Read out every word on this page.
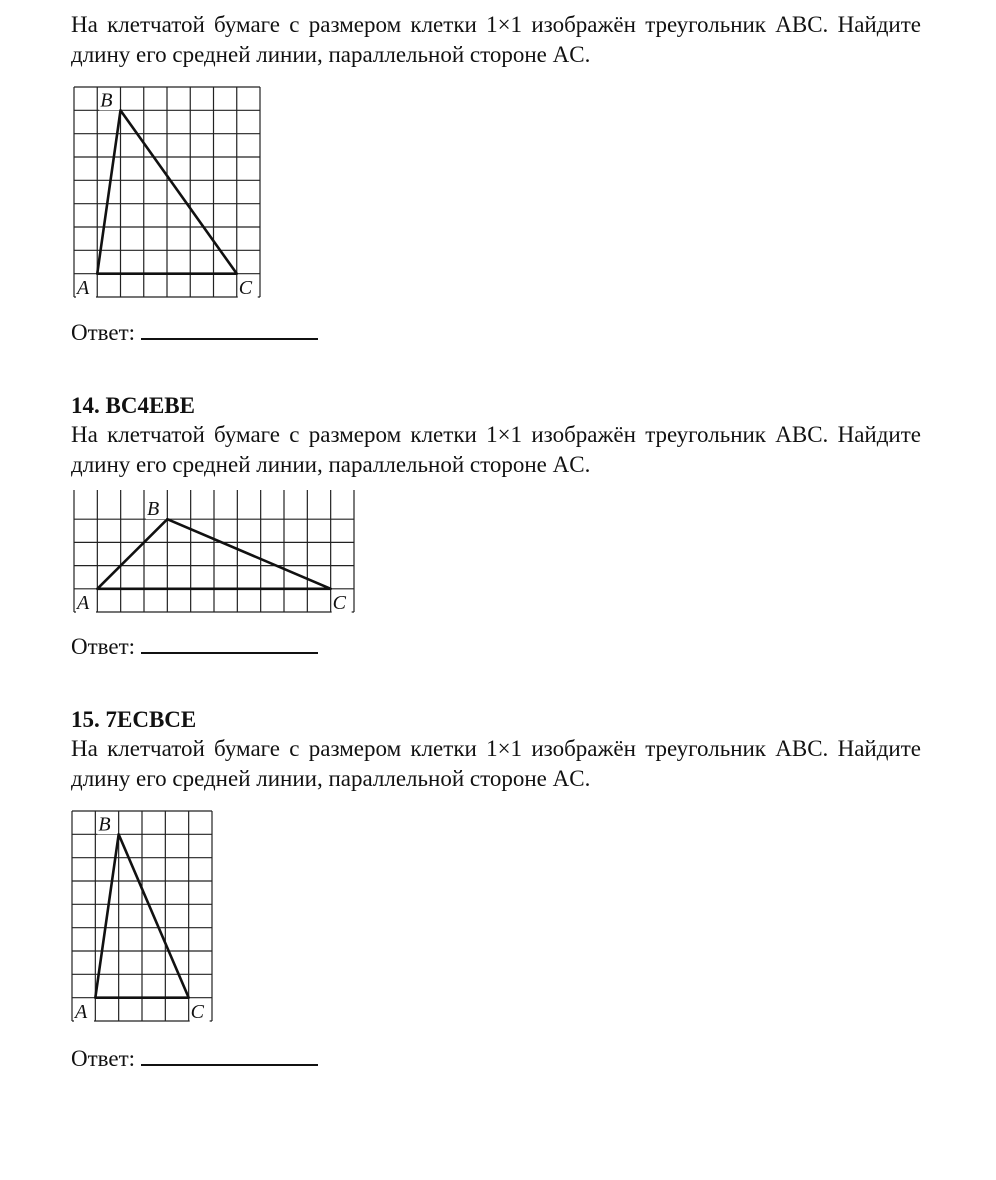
На клетчатой бумаге с размером клетки 1×1 изображён треугольник ABC. Найдите длину его средней линии, параллельной стороне AC.
A
B
C
Ответ:
14. BC4EBE
На клетчатой бумаге с размером клетки 1×1 изображён треугольник ABC. Найдите длину его средней линии, параллельной стороне AC.
A
B
C
Ответ:
15. 7ECBCE
На клетчатой бумаге с размером клетки 1×1 изображён треугольник ABC. Найдите длину его средней линии, параллельной стороне AC.
A
B
C
Ответ:
